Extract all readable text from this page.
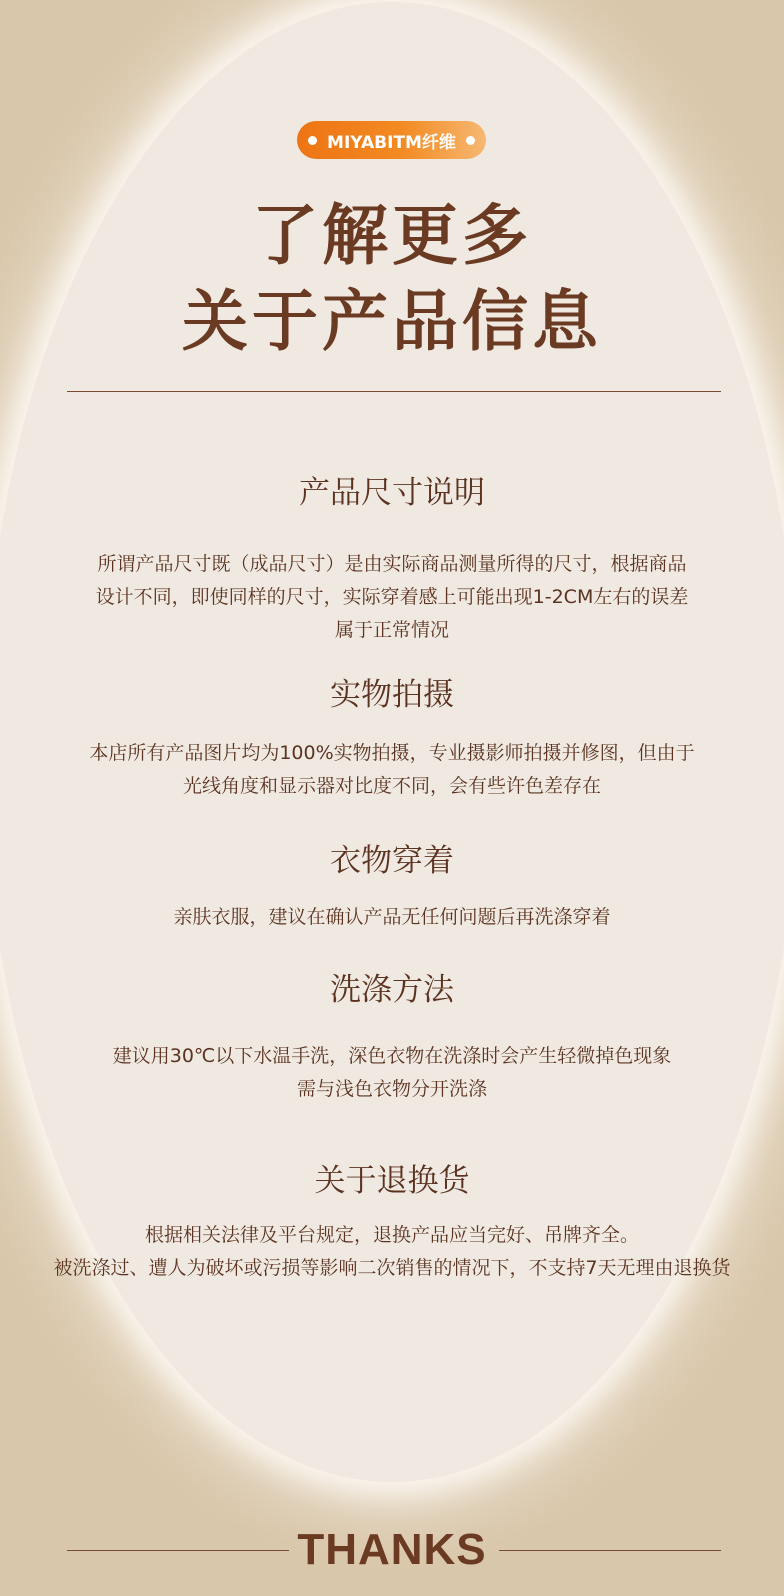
MIYABITM纤维
了解更多
关于产品信息
产品尺寸说明
所谓产品尺寸既（成品尺寸）是由实际商品测量所得的尺寸，根据商品
设计不同，即使同样的尺寸，实际穿着感上可能出现1-2CM左右的误差
属于正常情况
实物拍摄
本店所有产品图片均为100%实物拍摄，专业摄影师拍摄并修图，但由于
光线角度和显示器对比度不同，会有些许色差存在
衣物穿着
亲肤衣服，建议在确认产品无任何问题后再洗涤穿着
洗涤方法
建议用30℃以下水温手洗，深色衣物在洗涤时会产生轻微掉色现象
需与浅色衣物分开洗涤
关于退换货
根据相关法律及平台规定，退换产品应当完好、吊牌齐全。
被洗涤过、遭人为破坏或污损等影响二次销售的情况下，不支持7天无理由退换货
THANKS
